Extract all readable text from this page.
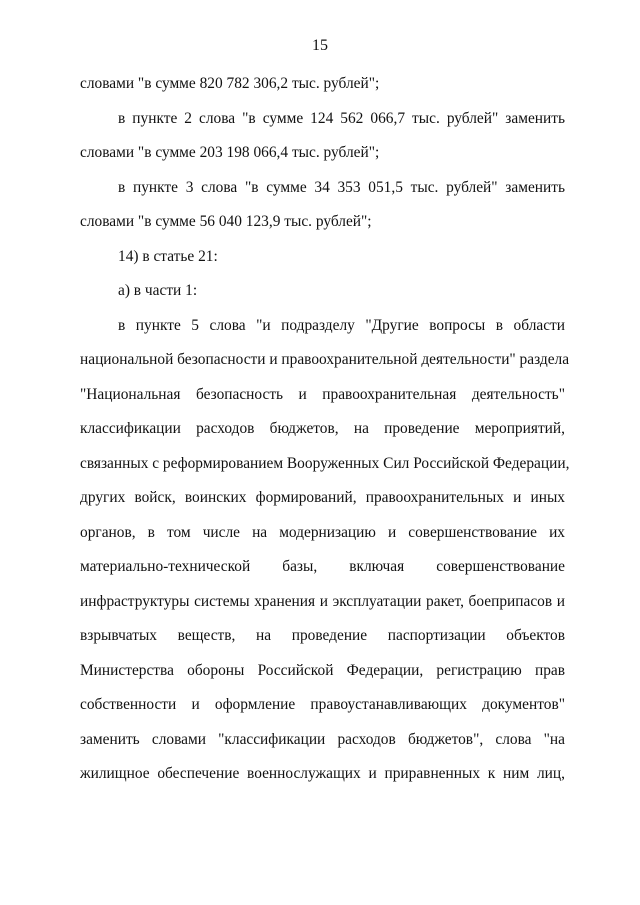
15
словами "в сумме 820 782 306,2 тыс. рублей";
в пункте 2 слова "в сумме 124 562 066,7 тыс. рублей" заменить
словами "в сумме 203 198 066,4 тыс. рублей";
в пункте 3 слова "в сумме 34 353 051,5 тыс. рублей" заменить
словами "в сумме 56 040 123,9 тыс. рублей";
14) в статье 21:
а) в части 1:
в пункте 5 слова "и подразделу "Другие вопросы в области
национальной безопасности и правоохранительной деятельности" раздела
"Национальная безопасность и правоохранительная деятельность"
классификации расходов бюджетов, на проведение мероприятий,
связанных с реформированием Вооруженных Сил Российской Федерации,
других войск, воинских формирований, правоохранительных и иных
органов, в том числе на модернизацию и совершенствование их
материально-технической базы, включая совершенствование
инфраструктуры системы хранения и эксплуатации ракет, боеприпасов и
взрывчатых веществ, на проведение паспортизации объектов
Министерства обороны Российской Федерации, регистрацию прав
собственности и оформление правоустанавливающих документов"
заменить словами "классификации расходов бюджетов", слова "на
жилищное обеспечение военнослужащих и приравненных к ним лиц,
